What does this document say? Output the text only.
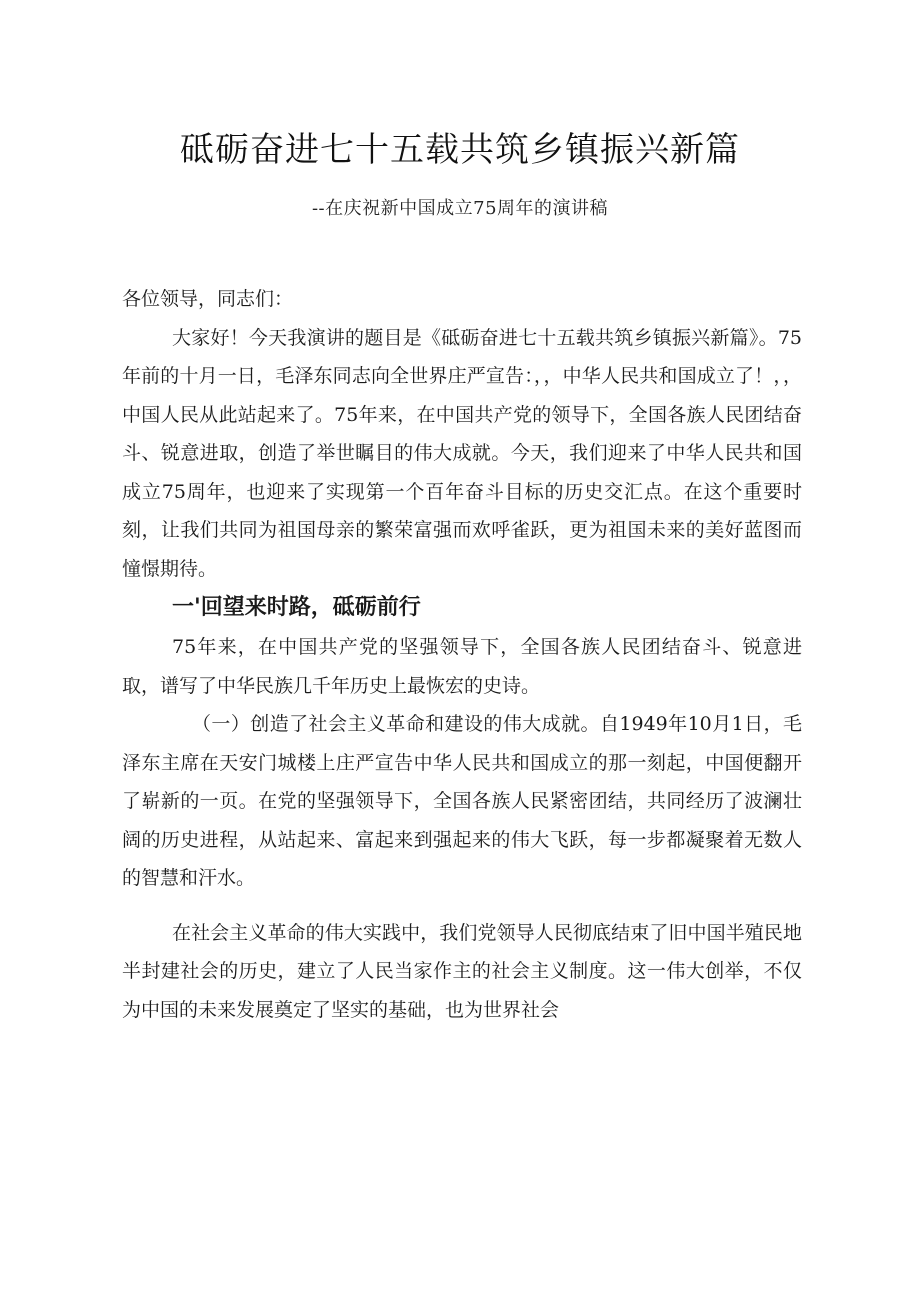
砥砺奋进七十五载共筑乡镇振兴新篇
--在庆祝新中国成立75周年的演讲稿

各位领导，同志们：

大家好！今天我演讲的题目是《砥砺奋进七十五载共筑乡镇振兴新篇》。75年前的十月一日，毛泽东同志向全世界庄严宣告：，，中华人民共和国成立了！，，中国人民从此站起来了。75年来，在中国共产党的领导下，全国各族人民团结奋斗、锐意进取，创造了举世瞩目的伟大成就。今天，我们迎来了中华人民共和国成立75周年，也迎来了实现第一个百年奋斗目标的历史交汇点。在这个重要时刻，让我们共同为祖国母亲的繁荣富强而欢呼雀跃，更为祖国未来的美好蓝图而憧憬期待。

一'回望来时路，砥砺前行

75年来，在中国共产党的坚强领导下，全国各族人民团结奋斗、锐意进取，谱写了中华民族几千年历史上最恢宏的史诗。

（一）创造了社会主义革命和建设的伟大成就。自1949年10月1日，毛泽东主席在天安门城楼上庄严宣告中华人民共和国成立的那一刻起，中国便翻开了崭新的一页。在党的坚强领导下，全国各族人民紧密团结，共同经历了波澜壮阔的历史进程，从站起来、富起来到强起来的伟大飞跃，每一步都凝聚着无数人的智慧和汗水。

在社会主义革命的伟大实践中，我们党领导人民彻底结束了旧中国半殖民地半封建社会的历史，建立了人民当家作主的社会主义制度。这一伟大创举，不仅为中国的未来发展奠定了坚实的基础，也为世界社会
